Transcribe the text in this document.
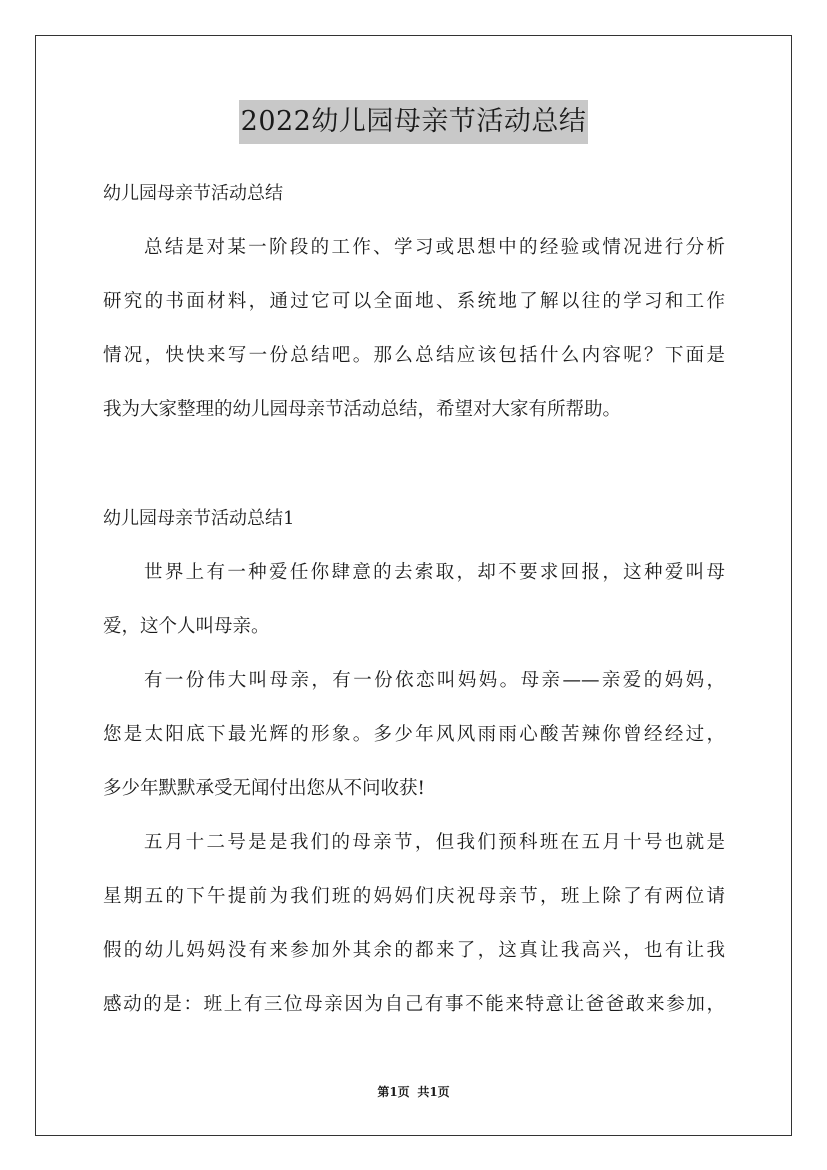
2022幼儿园母亲节活动总结
幼儿园母亲节活动总结
总结是对某一阶段的工作、学习或思想中的经验或情况进行分析
研究的书面材料，通过它可以全面地、系统地了解以往的学习和工作
情况，快快来写一份总结吧。那么总结应该包括什么内容呢？下面是
我为大家整理的幼儿园母亲节活动总结，希望对大家有所帮助。
幼儿园母亲节活动总结1
世界上有一种爱任你肆意的去索取，却不要求回报，这种爱叫母
爱，这个人叫母亲。
有一份伟大叫母亲，有一份依恋叫妈妈。母亲——亲爱的妈妈，
您是太阳底下最光辉的形象。多少年风风雨雨心酸苦辣你曾经经过，
多少年默默承受无闻付出您从不问收获!
五月十二号是是我们的母亲节，但我们预科班在五月十号也就是
星期五的下午提前为我们班的妈妈们庆祝母亲节，班上除了有两位请
假的幼儿妈妈没有来参加外其余的都来了，这真让我高兴，也有让我
感动的是：班上有三位母亲因为自己有事不能来特意让爸爸敢来参加，
第1页 共1页
